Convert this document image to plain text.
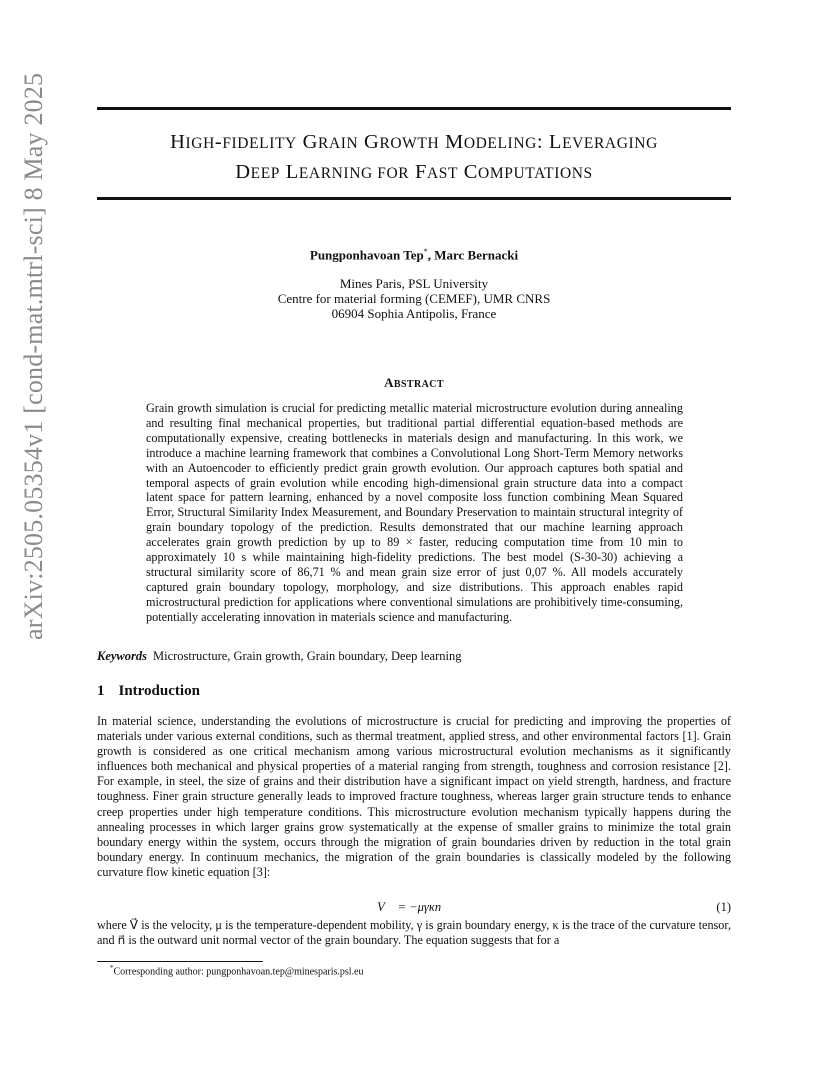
arXiv:2505.05354v1 [cond-mat.mtrl-sci] 8 May 2025	HIGH-FIDELITY GRAIN GROWTH MODELING: LEVERAGING
DEEP LEARNING FOR FAST COMPUTATIONS
Pungponhavoan Tep*, Marc Bernacki
Mines Paris, PSL University
Centre for material forming (CEMEF), UMR CNRS
06904 Sophia Antipolis, France
ABSTRACT
Grain growth simulation is crucial for predicting metallic material microstructure evolution during annealing and resulting final mechanical properties, but traditional partial differential equation-based methods are computationally expensive, creating bottlenecks in materials design and manufacturing. In this work, we introduce a machine learning framework that combines a Convolutional Long Short-Term Memory networks with an Autoencoder to efficiently predict grain growth evolution. Our approach captures both spatial and temporal aspects of grain evolution while encoding high-dimensional grain structure data into a compact latent space for pattern learning, enhanced by a novel composite loss function combining Mean Squared Error, Structural Similarity Index Measurement, and Boundary Preservation to maintain structural integrity of grain boundary topology of the prediction. Results demonstrated that our machine learning approach accelerates grain growth prediction by up to 89 × faster, reducing computation time from 10 min to approximately 10 s while maintaining high-fidelity predictions. The best model (S-30-30) achieving a structural similarity score of 86,71 % and mean grain size error of just 0,07 %. All models accurately captured grain boundary topology, morphology, and size distributions. This approach enables rapid microstructural prediction for applications where conventional simulations are prohibitively time-consuming, potentially accelerating innovation in materials science and manufacturing.
Keywords Microstructure, Grain growth, Grain boundary, Deep learning
1 Introduction
In material science, understanding the evolutions of microstructure is crucial for predicting and improving the properties of materials under various external conditions, such as thermal treatment, applied stress, and other environmental factors [1]. Grain growth is considered as one critical mechanism among various microstructural evolution mechanisms as it significantly influences both mechanical and physical properties of a material ranging from strength, toughness and corrosion resistance [2]. For example, in steel, the size of grains and their distribution have a significant impact on yield strength, hardness, and fracture toughness. Finer grain structure generally leads to improved fracture toughness, whereas larger grain structure tends to enhance creep properties under high temperature conditions. This microstructure evolution mechanism typically happens during the annealing processes in which larger grains grow systematically at the expense of smaller grains to minimize the total grain boundary energy within the system, occurs through the migration of grain boundaries driven by reduction in the total grain boundary energy. In continuum mechanics, the migration of the grain boundaries is classically modeled by the following curvature flow kinetic equation [3]:
V⃗ = −μγκn⃗	(1)
where V⃗ is the velocity, μ is the temperature-dependent mobility, γ is grain boundary energy, κ is the trace of the curvature tensor, and n⃗ is the outward unit normal vector of the grain boundary. The equation suggests that for a
*Corresponding author: pungponhavoan.tep@minesparis.psl.eu
